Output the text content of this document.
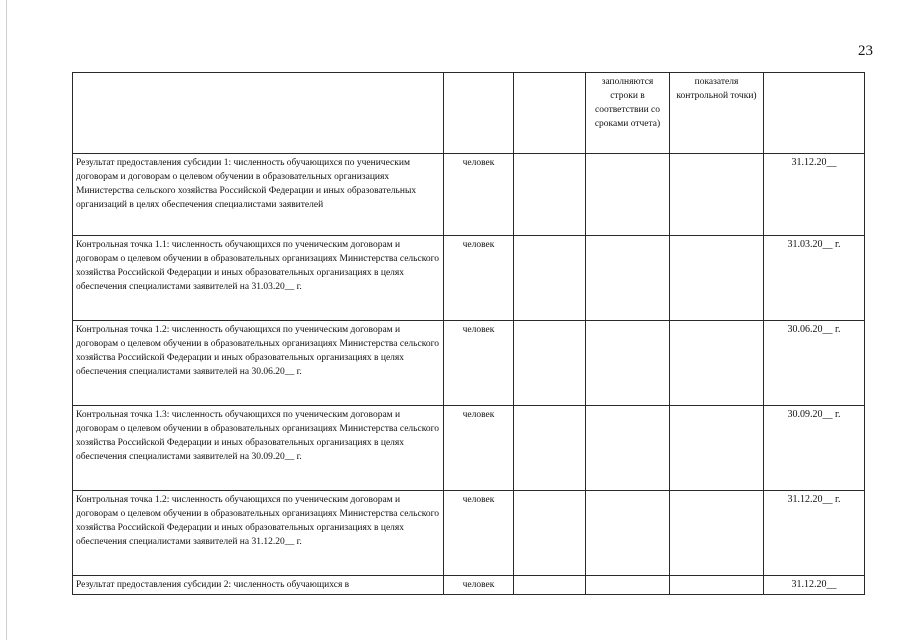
23
			заполняются строки в соответствии со сроками отчета)	показателя контрольной точки)	
Результат предоставления субсидии 1: численность обучающихся по ученическим договорам и договорам о целевом обучении в образовательных организациях Министерства сельского хозяйства Российской Федерации и иных образовательных организаций в целях обеспечения специалистами заявителей	человек				31.12.20__
Контрольная точка 1.1: численность обучающихся по ученическим договорам и договорам о целевом обучении в образовательных организациях Министерства сельского хозяйства Российской Федерации и иных образовательных организациях в целях обеспечения специалистами заявителей на 31.03.20__ г.	человек				31.03.20__ г.
Контрольная точка 1.2: численность обучающихся по ученическим договорам и договорам о целевом обучении в образовательных организациях Министерства сельского хозяйства Российской Федерации и иных образовательных организациях в целях обеспечения специалистами заявителей на 30.06.20__ г.	человек				30.06.20__ г.
Контрольная точка 1.3: численность обучающихся по ученическим договорам и договорам о целевом обучении в образовательных организациях Министерства сельского хозяйства Российской Федерации и иных образовательных организациях в целях обеспечения специалистами заявителей на 30.09.20__ г.	человек				30.09.20__ г.
Контрольная точка 1.2: численность обучающихся по ученическим договорам и договорам о целевом обучении в образовательных организациях Министерства сельского хозяйства Российской Федерации и иных образовательных организациях в целях обеспечения специалистами заявителей на 31.12.20__ г.	человек				31.12.20__ г.
Результат предоставления субсидии 2: численность обучающихся в	человек				31.12.20__
